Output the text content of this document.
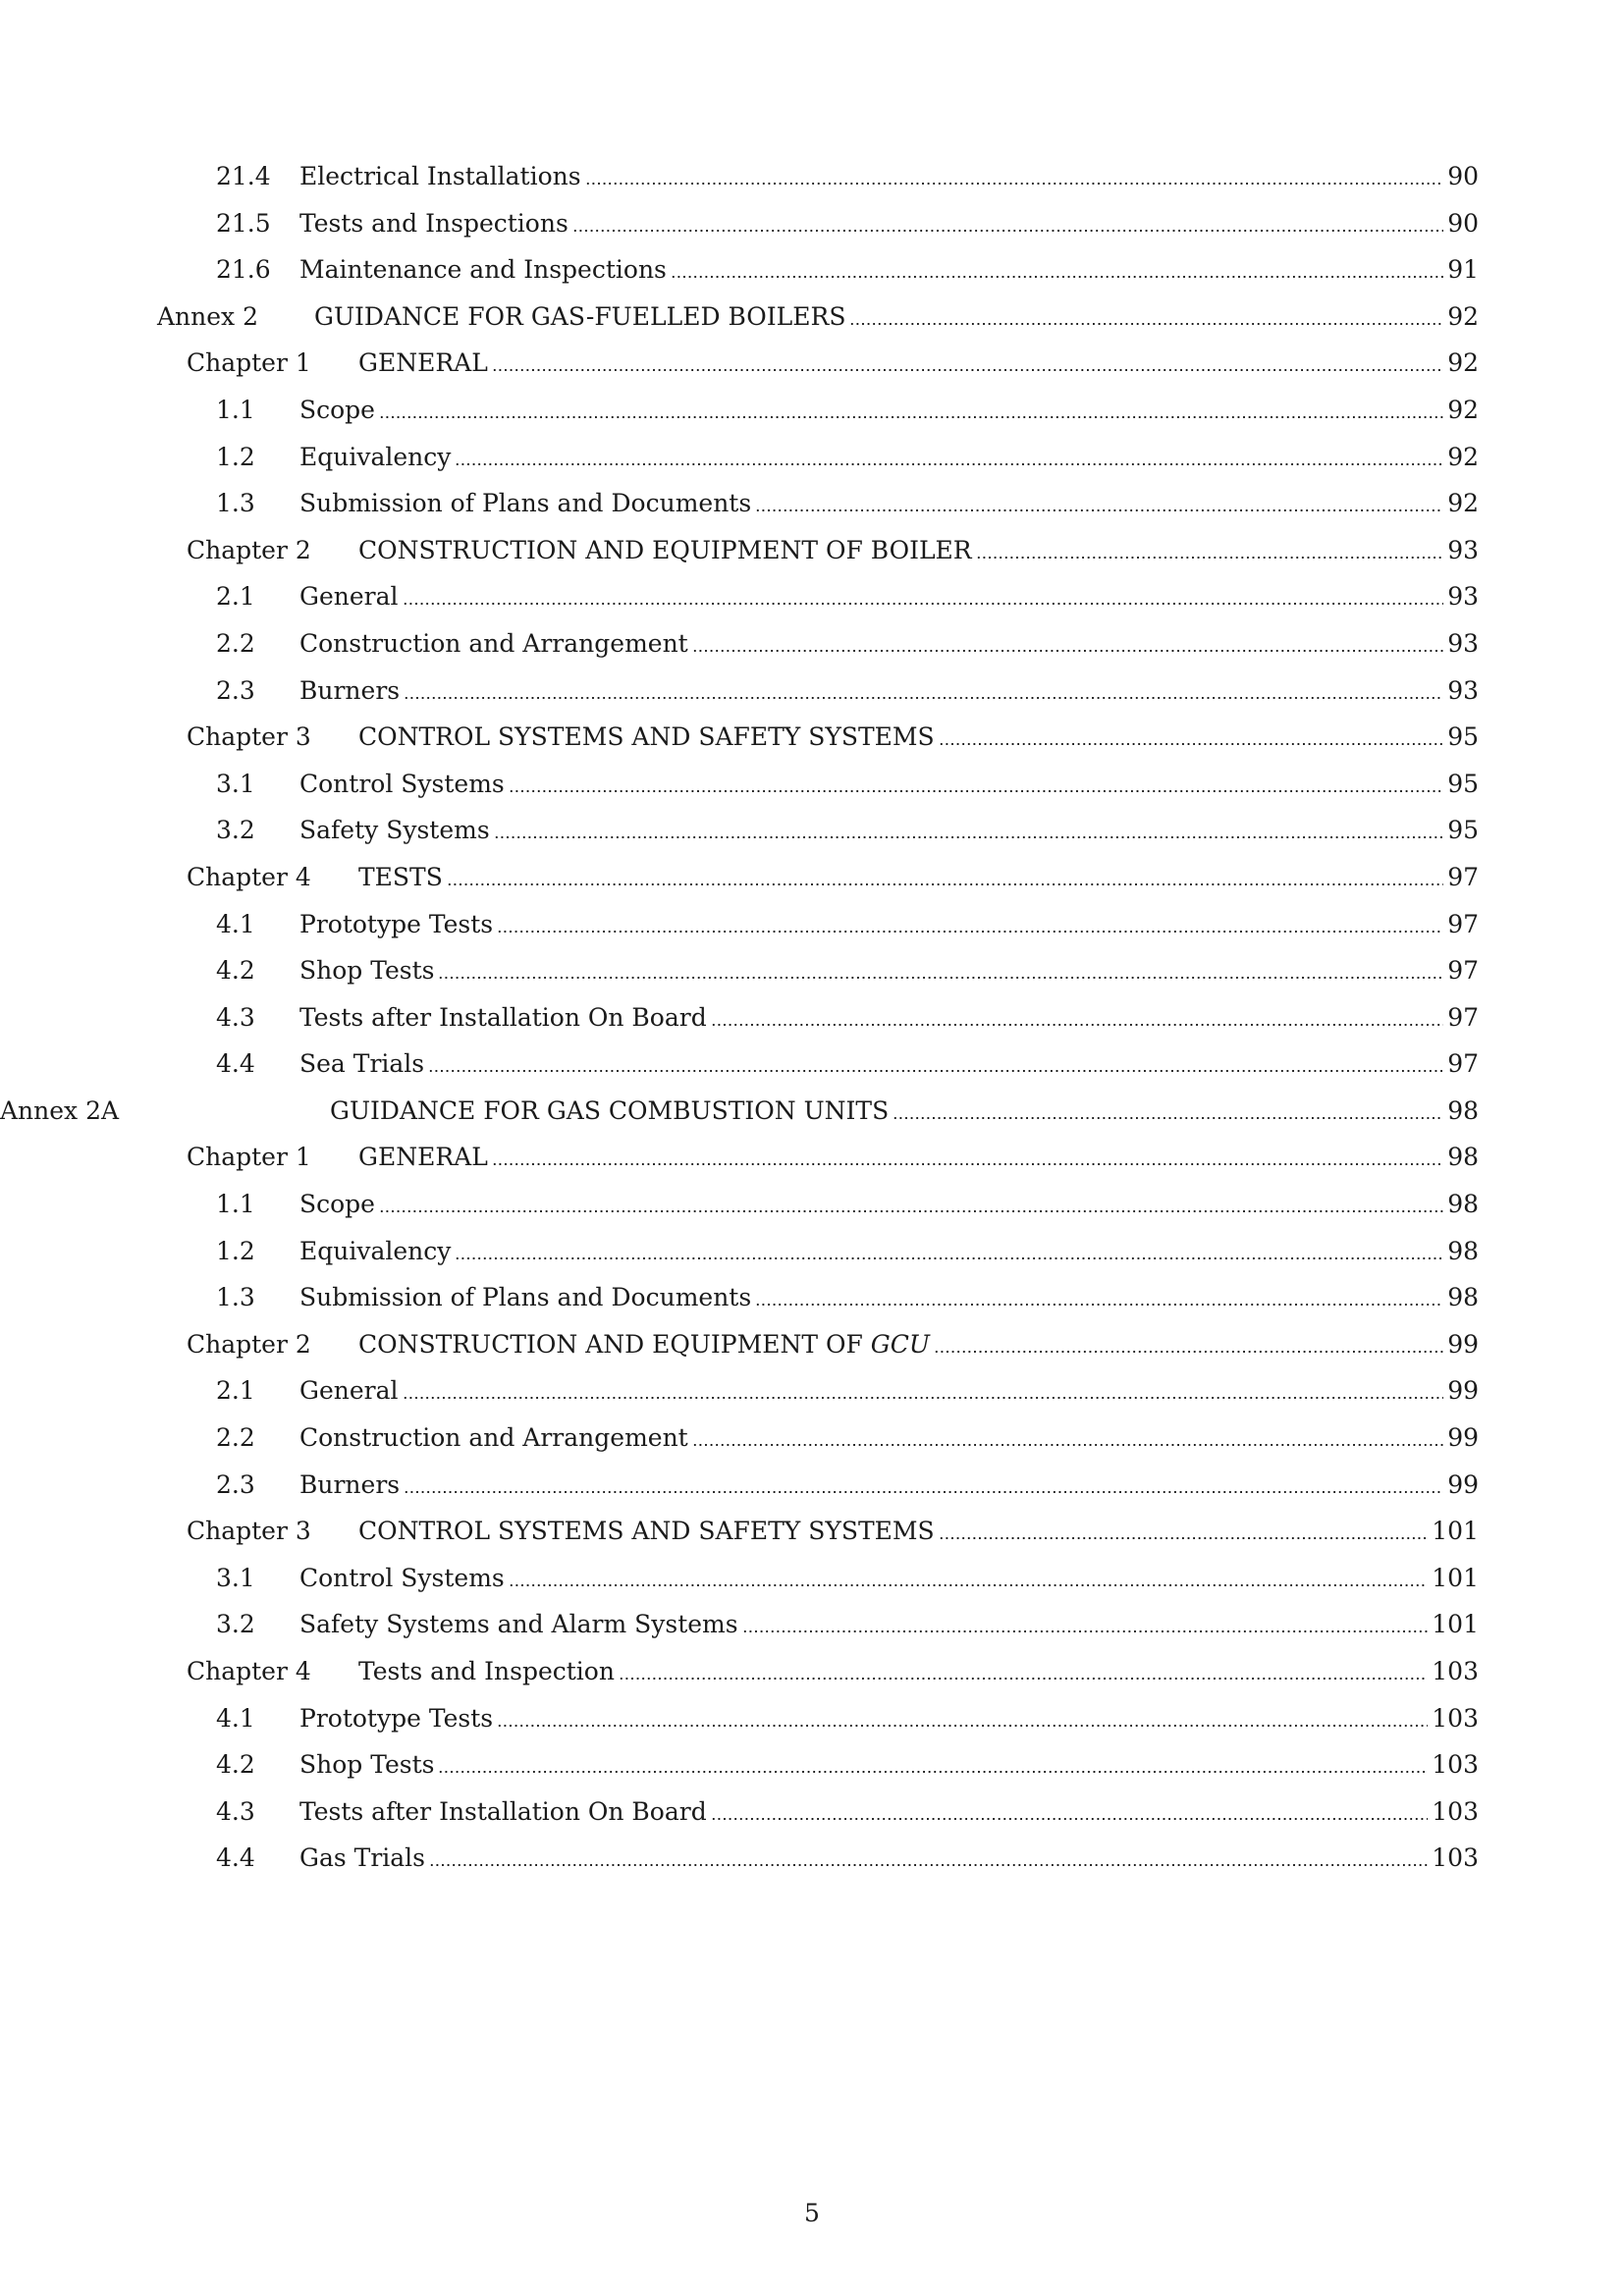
21.4 Electrical Installations	90
21.5 Tests and Inspections	90
21.6 Maintenance and Inspections	91
Annex 2 GUIDANCE FOR GAS-FUELLED BOILERS	92
Chapter 1 GENERAL	92
1.1 Scope	92
1.2 Equivalency	92
1.3 Submission of Plans and Documents	92
Chapter 2 CONSTRUCTION AND EQUIPMENT OF BOILER	93
2.1 General	93
2.2 Construction and Arrangement	93
2.3 Burners	93
Chapter 3 CONTROL SYSTEMS AND SAFETY SYSTEMS	95
3.1 Control Systems	95
3.2 Safety Systems	95
Chapter 4 TESTS	97
4.1 Prototype Tests	97
4.2 Shop Tests	97
4.3 Tests after Installation On Board	97
4.4 Sea Trials	97
Annex 2A	GUIDANCE FOR GAS COMBUSTION UNITS	98
Chapter 1 GENERAL	98
1.1 Scope	98
1.2 Equivalency	98
1.3 Submission of Plans and Documents	98
Chapter 2 CONSTRUCTION AND EQUIPMENT OF GCU	99
2.1 General	99
2.2 Construction and Arrangement	99
2.3 Burners	99
Chapter 3 CONTROL SYSTEMS AND SAFETY SYSTEMS	101
3.1 Control Systems	101
3.2 Safety Systems and Alarm Systems	101
Chapter 4 Tests and Inspection	103
4.1 Prototype Tests	103
4.2 Shop Tests	103
4.3 Tests after Installation On Board	103
4.4 Gas Trials	103
5
